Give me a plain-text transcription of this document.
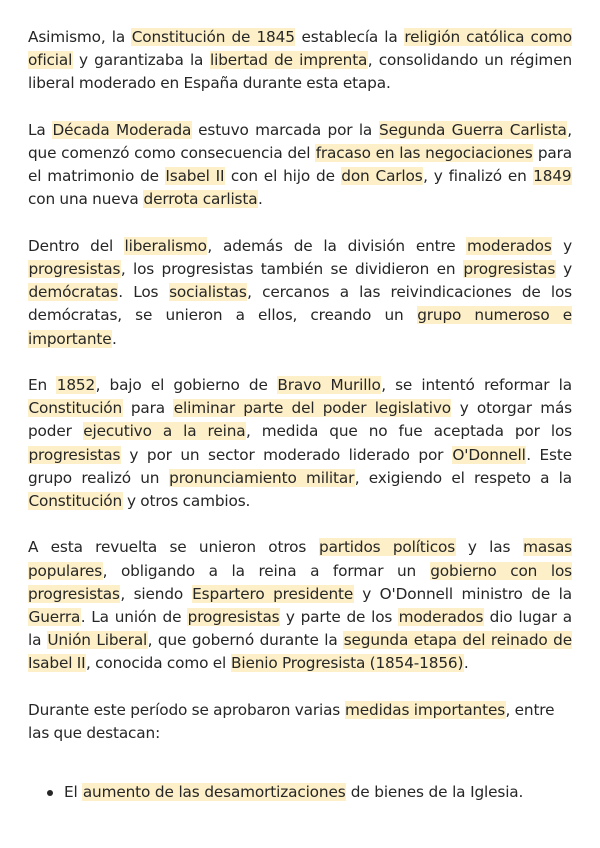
Asimismo, la Constitución de 1845 establecía la religión católica como oficial y garantizaba la libertad de imprenta, consolidando un régimen liberal moderado en España durante esta etapa.

La Década Moderada estuvo marcada por la Segunda Guerra Carlista, que comenzó como consecuencia del fracaso en las negociaciones para el matrimonio de Isabel II con el hijo de don Carlos, y finalizó en 1849 con una nueva derrota carlista.

Dentro del liberalismo, además de la división entre moderados y progresistas, los progresistas también se dividieron en progresistas y demócratas. Los socialistas, cercanos a las reivindicaciones de los demócratas, se unieron a ellos, creando un grupo numeroso e importante.

En 1852, bajo el gobierno de Bravo Murillo, se intentó reformar la Constitución para eliminar parte del poder legislativo y otorgar más poder ejecutivo a la reina, medida que no fue aceptada por los progresistas y por un sector moderado liderado por O'Donnell. Este grupo realizó un pronunciamiento militar, exigiendo el respeto a la Constitución y otros cambios.

A esta revuelta se unieron otros partidos políticos y las masas populares, obligando a la reina a formar un gobierno con los progresistas, siendo Espartero presidente y O'Donnell ministro de la Guerra. La unión de progresistas y parte de los moderados dio lugar a la Unión Liberal, que gobernó durante la segunda etapa del reinado de Isabel II, conocida como el Bienio Progresista (1854-1856).

Durante este período se aprobaron varias medidas importantes, entre las que destacan:

El aumento de las desamortizaciones de bienes de la Iglesia.
